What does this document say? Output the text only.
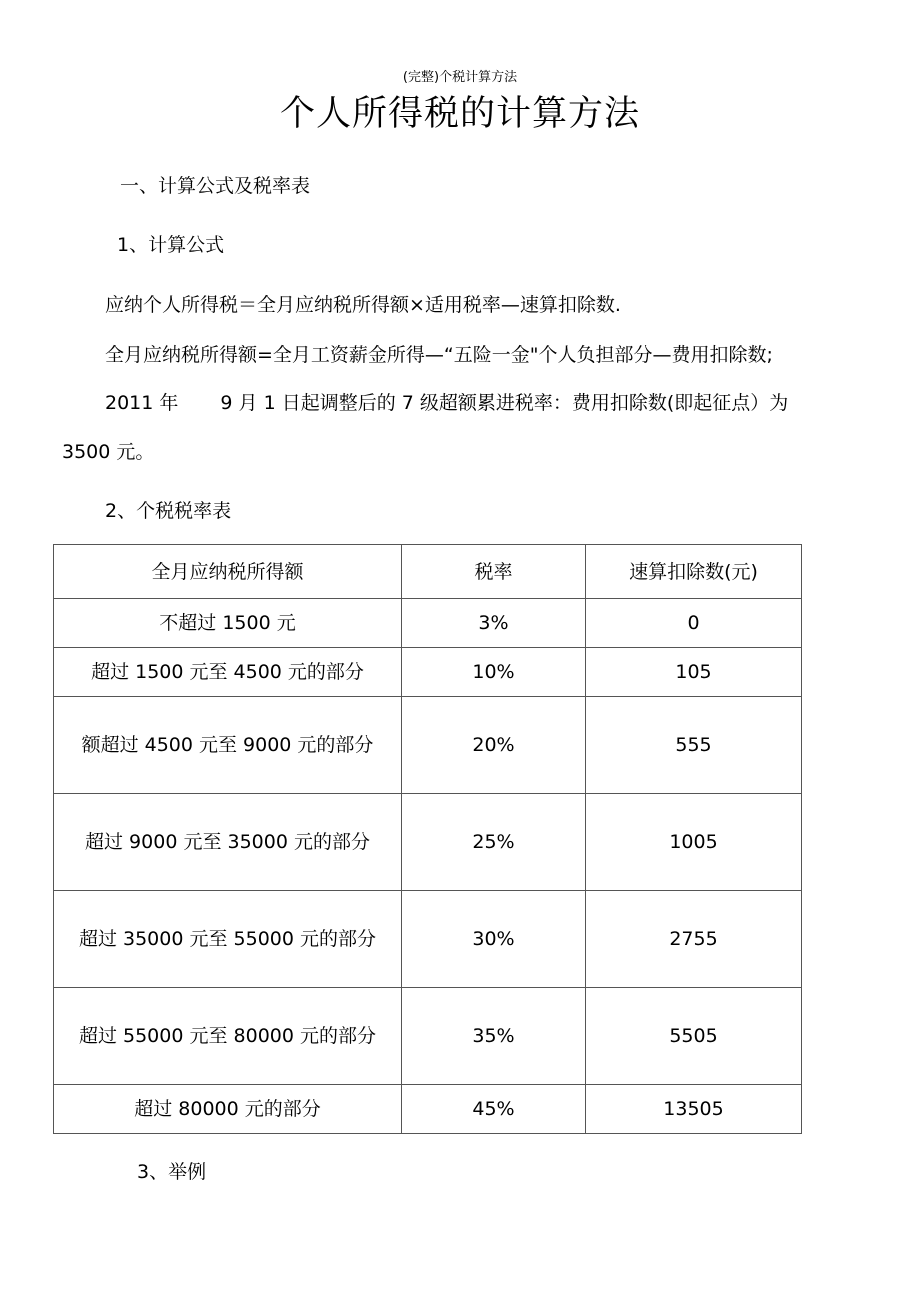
(完整)个税计算方法
个人所得税的计算方法
一、计算公式及税率表
1、计算公式
应纳个人所得税＝全月应纳税所得额×适用税率—速算扣除数.
全月应纳税所得额=全月工资薪金所得—“五险一金"个人负担部分—费用扣除数;
2011 年 9 月 1 日起调整后的 7 级超额累进税率：费用扣除数(即起征点）为
3500 元。
2、个税税率表
全月应纳税所得额	税率	速算扣除数(元)
不超过 1500 元	3%	0
超过 1500 元至 4500 元的部分	10%	105
额超过 4500 元至 9000 元的部分	20%	555
超过 9000 元至 35000 元的部分	25%	1005
超过 35000 元至 55000 元的部分	30%	2755
超过 55000 元至 80000 元的部分	35%	5505
超过 80000 元的部分	45%	13505
3、举例
